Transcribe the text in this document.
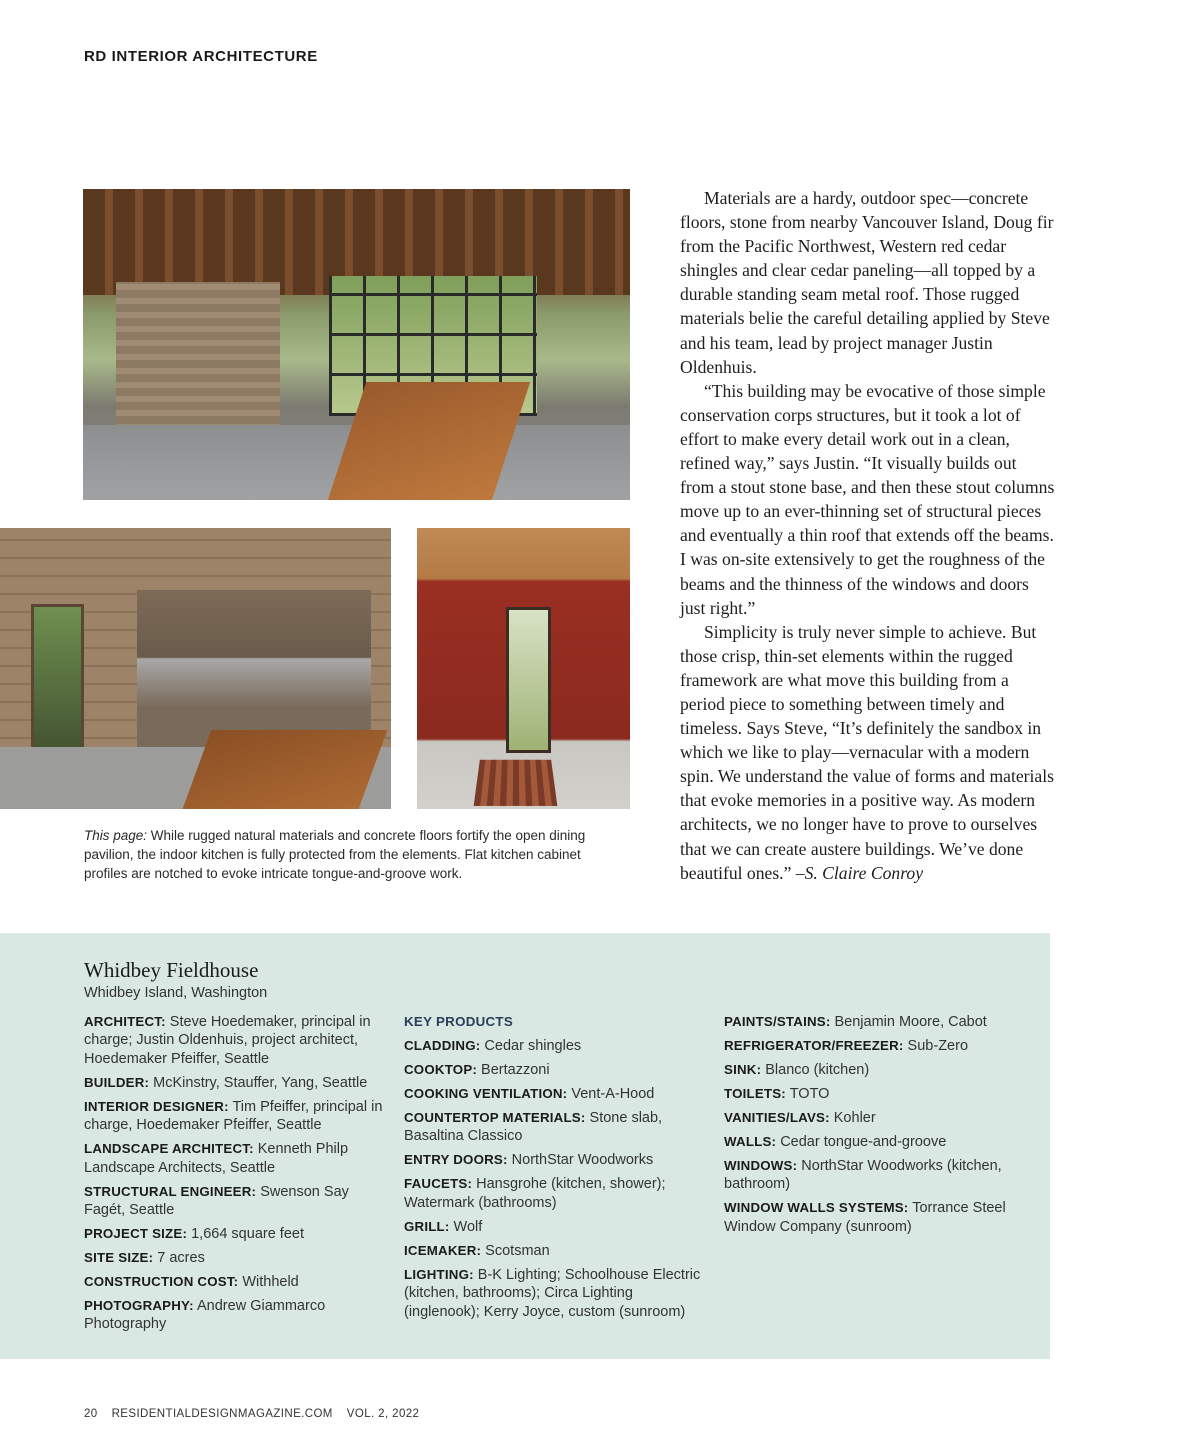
RD INTERIOR ARCHITECTURE
This page: While rugged natural materials and concrete floors fortify the open dining pavilion, the indoor kitchen is fully protected from the elements. Flat kitchen cabinet profiles are notched to evoke intricate tongue-and-groove work.

Materials are a hardy, outdoor spec—concrete floors, stone from nearby Vancouver Island, Doug fir from the Pacific Northwest, Western red cedar shingles and clear cedar paneling—all topped by a durable standing seam metal roof. Those rugged materials belie the careful detailing applied by Steve and his team, lead by project manager Justin Oldenhuis.

“This building may be evocative of those simple conservation corps structures, but it took a lot of effort to make every detail work out in a clean, refined way,” says Justin. “It visually builds out from a stout stone base, and then these stout columns move up to an ever-thinning set of structural pieces and eventually a thin roof that extends off the beams. I was on-site extensively to get the roughness of the beams and the thinness of the windows and doors just right.”

Simplicity is truly never simple to achieve. But those crisp, thin-set elements within the rugged framework are what move this building from a period piece to something between timely and timeless. Says Steve, “It’s definitely the sandbox in which we like to play—vernacular with a modern spin. We understand the value of forms and materials that evoke memories in a positive way. As modern architects, we no longer have to prove to ourselves that we can create austere buildings. We’ve done beautiful ones.” –S. Claire Conroy

Whidbey Fieldhouse
Whidbey Island, Washington
ARCHITECT: Steve Hoedemaker, principal in charge; Justin Oldenhuis, project architect, Hoedemaker Pfeiffer, Seattle
BUILDER: McKinstry, Stauffer, Yang, Seattle
INTERIOR DESIGNER: Tim Pfeiffer, principal in charge, Hoedemaker Pfeiffer, Seattle
LANDSCAPE ARCHITECT: Kenneth Philp Landscape Architects, Seattle
STRUCTURAL ENGINEER: Swenson Say Fagét, Seattle
PROJECT SIZE: 1,664 square feet
SITE SIZE: 7 acres
CONSTRUCTION COST: Withheld
PHOTOGRAPHY: Andrew Giammarco Photography
KEY PRODUCTS
CLADDING: Cedar shingles
COOKTOP: Bertazzoni
COOKING VENTILATION: Vent-A-Hood
COUNTERTOP MATERIALS: Stone slab, Basaltina Classico
ENTRY DOORS: NorthStar Woodworks
FAUCETS: Hansgrohe (kitchen, shower); Watermark (bathrooms)
GRILL: Wolf
ICEMAKER: Scotsman
LIGHTING: B-K Lighting; Schoolhouse Electric (kitchen, bathrooms); Circa Lighting (inglenook); Kerry Joyce, custom (sunroom)
PAINTS/STAINS: Benjamin Moore, Cabot
REFRIGERATOR/FREEZER: Sub-Zero
SINK: Blanco (kitchen)
TOILETS: TOTO
VANITIES/LAVS: Kohler
WALLS: Cedar tongue-and-groove
WINDOWS: NorthStar Woodworks (kitchen, bathroom)
WINDOW WALLS SYSTEMS: Torrance Steel Window Company (sunroom)
20 RESIDENTIALDESIGNMAGAZINE.COM VOL. 2, 2022
